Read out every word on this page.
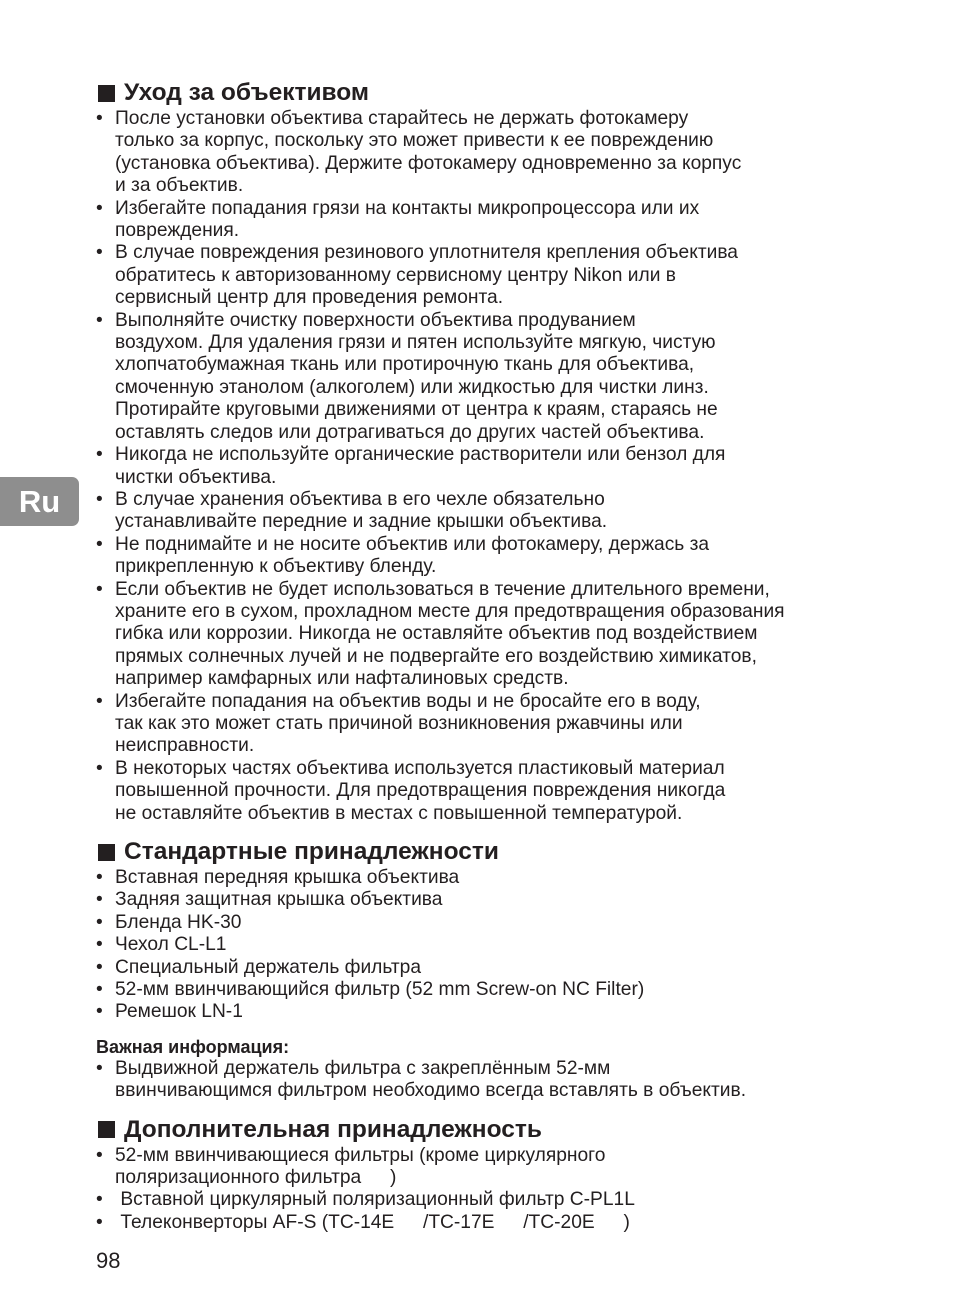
Ru
Уход за объективом
• После установки объектива старайтесь не держать фотокамеру
только за корпус, поскольку это может привести к ее повреждению
(установка объектива). Держите фотокамеру одновременно за корпус
и за объектив.
• Избегайте попадания грязи на контакты микропроцессора или их
повреждения.
• В случае повреждения резинового уплотнителя крепления объектива
обратитесь к авторизованному сервисному центру Nikon или в
сервисный центр для проведения ремонта.
• Выполняйте очистку поверхности объектива продуванием
воздухом. Для удаления грязи и пятен используйте мягкую, чистую
хлопчатобумажная ткань или протирочную ткань для объектива,
смоченную этанолом (алкоголем) или жидкостью для чистки линз.
Протирайте круговыми движениями от центра к краям, стараясь не
оставлять следов или дотрагиваться до других частей объектива.
• Никогда не используйте органические растворители или бензол для
чистки объектива.
• В случае хранения объектива в его чехле обязательно
устанавливайте передние и задние крышки объектива.
• Не поднимайте и не носите объектив или фотокамеру, держась за
прикрепленную к объективу бленду.
• Если объектив не будет использоваться в течение длительного времени,
храните его в сухом, прохладном месте для предотвращения образования
гибка или коррозии. Никогда не оставляйте объектив под воздействием
прямых солнечных лучей и не подвергайте его воздействию химикатов,
например камфарных или нафталиновых средств.
• Избегайте попадания на объектив воды и не бросайте его в воду,
так как это может стать причиной возникновения ржавчины или
неисправности.
• В некоторых частях объектива используется пластиковый материал
повышенной прочности. Для предотвращения повреждения никогда
не оставляйте объектив в местах с повышенной температурой.
Стандартные принадлежности
• Вставная передняя крышка объектива
• Задняя защитная крышка объектива
• Бленда HK-30
• Чехол CL-L1
• Специальный держатель фильтра
• 52-мм ввинчивающийся фильтр (52 mm Screw-on NC Filter)
• Ремешок LN-1
Важная информация:
• Выдвижной держатель фильтра с закреплённым 52-мм
ввинчивающимся фильтром необходимо всегда вставлять в объектив.
Дополнительная принадлежность
• 52-мм ввинчивающиеся фильтры (кроме циркулярного
поляризационного фильтра  )
•  Вставной циркулярный поляризационный фильтр C-PL1L
•  Телеконверторы AF-S (TC-14E  /TC-17E  /TC-20E  )
98
